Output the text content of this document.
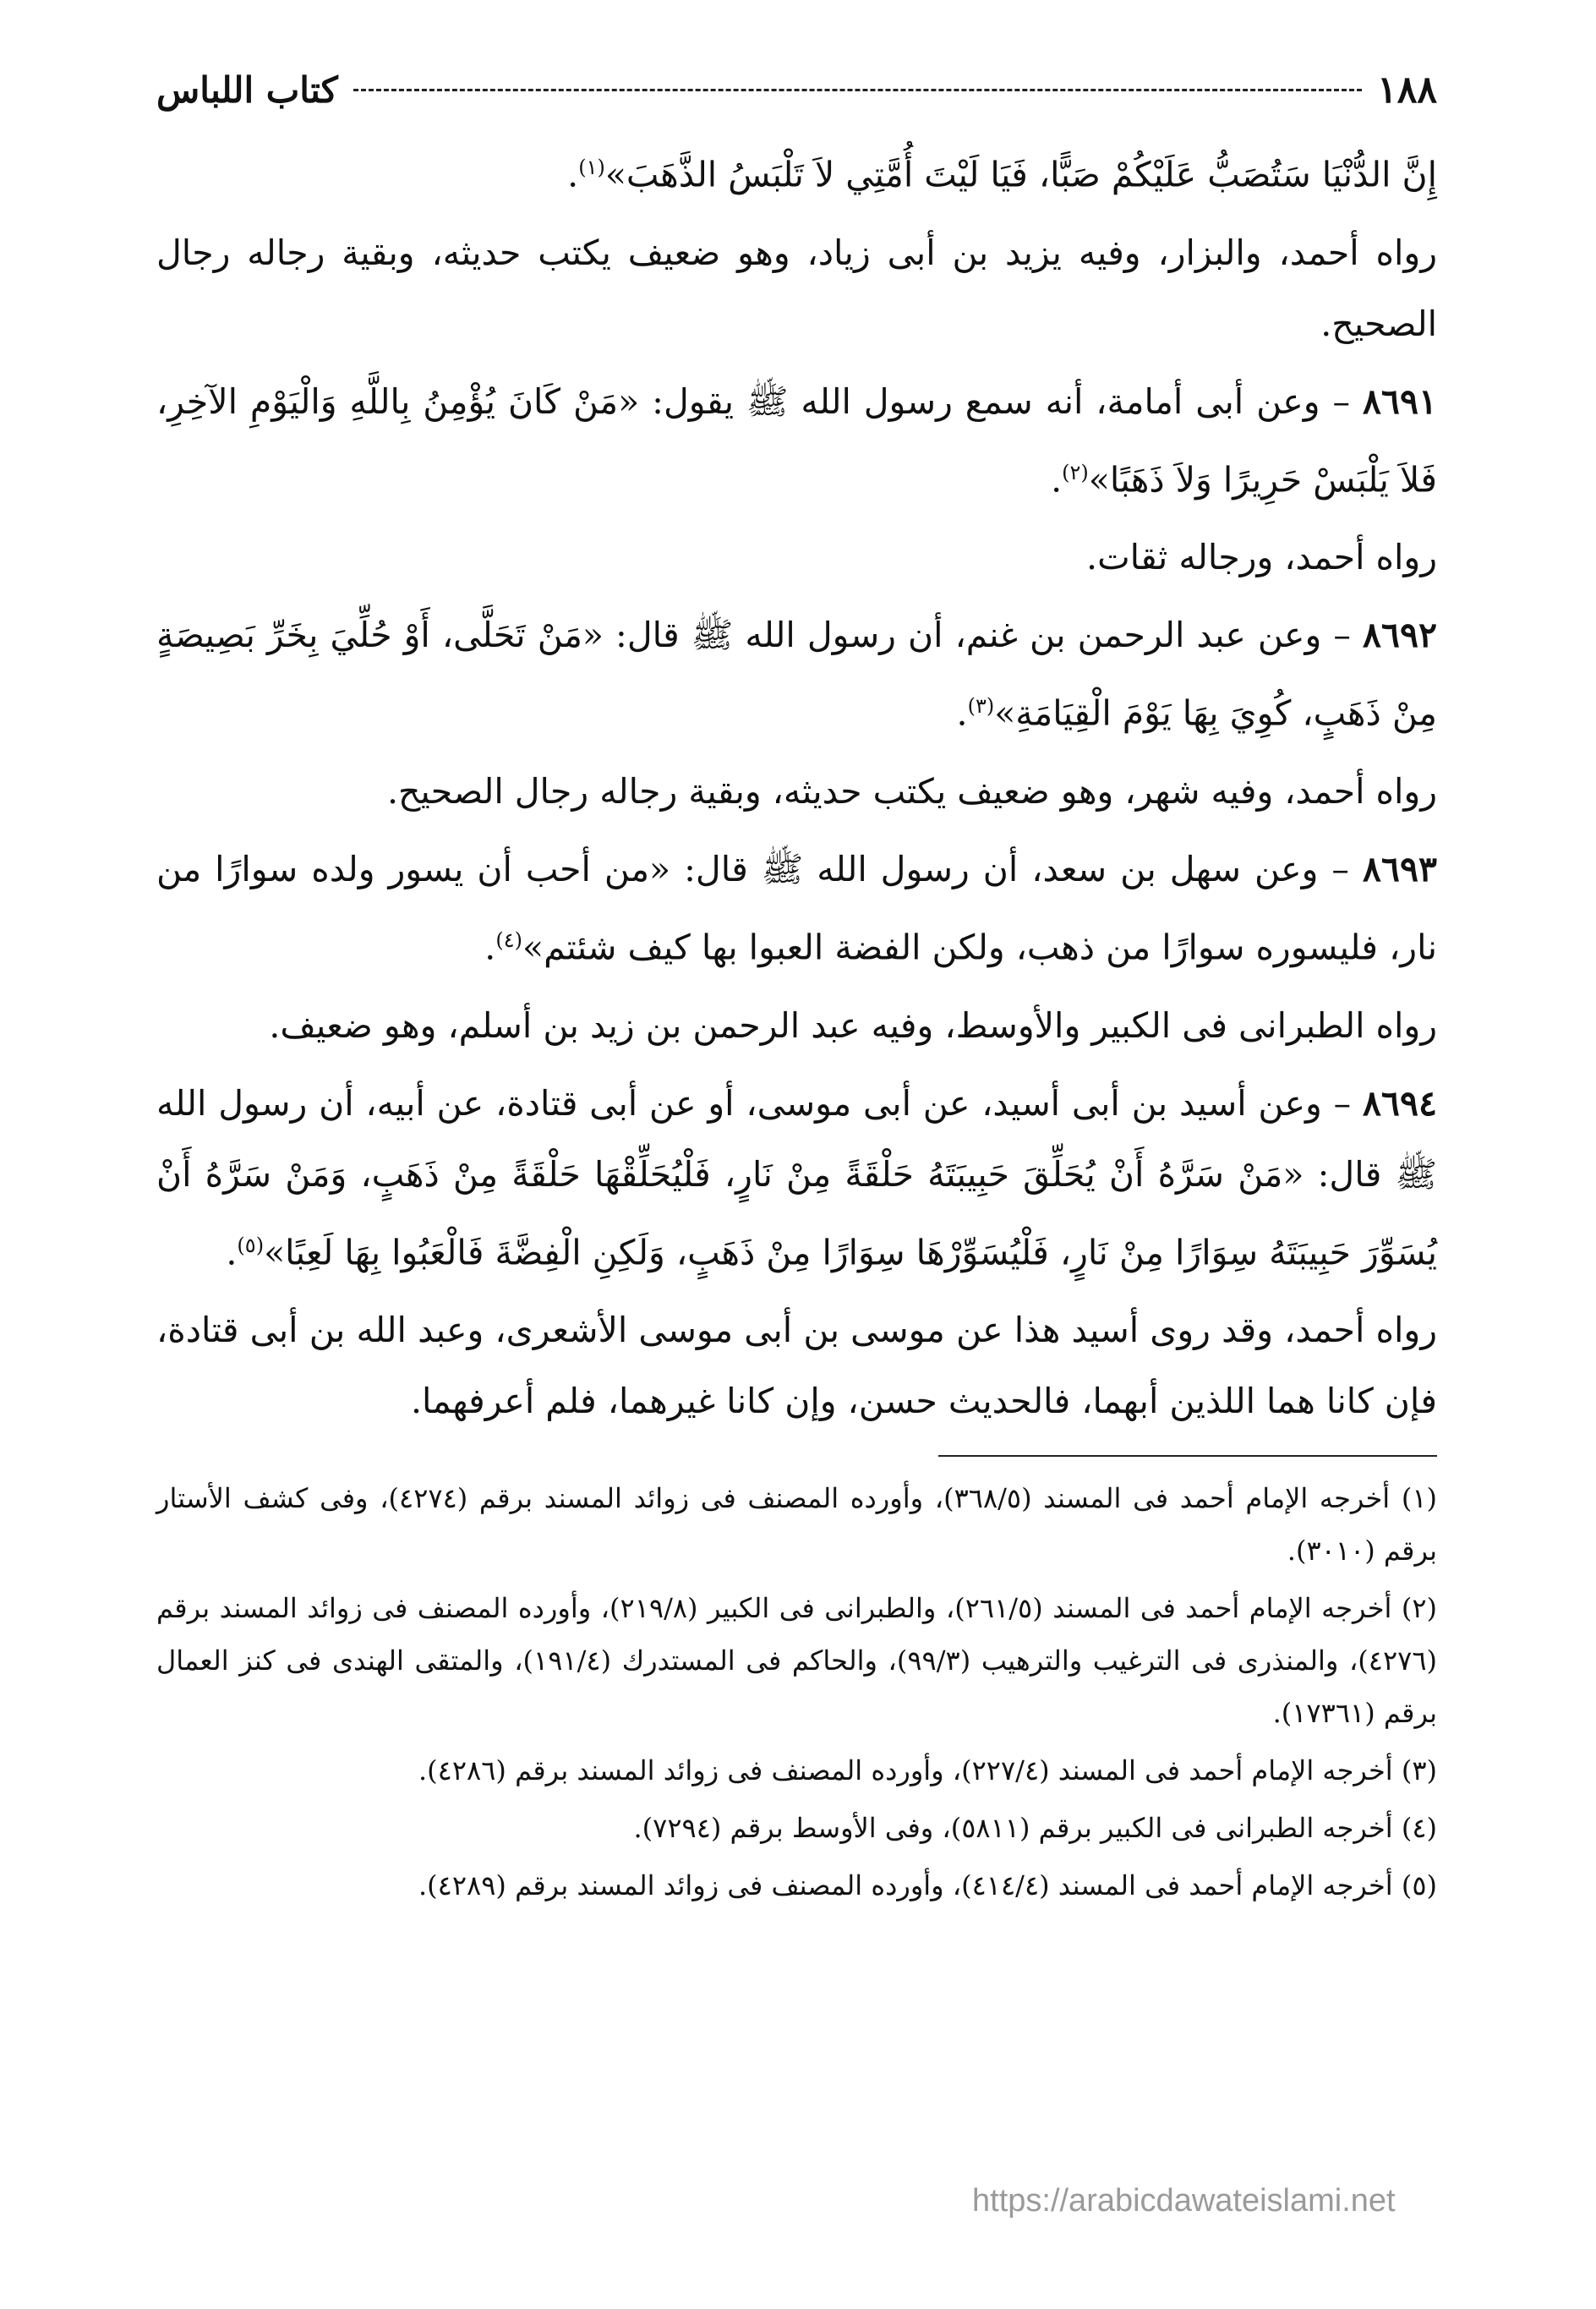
١٨٨
كتاب اللباس

إِنَّ الدُّنْيَا سَتُصَبُّ عَلَيْكُمْ صَبًّا، فَيَا لَيْتَ أُمَّتِي لاَ تَلْبَسُ الذَّهَبَ»$^{(١)}$.

رواه أحمد، والبزار، وفيه يزيد بن أبى زياد، وهو ضعيف يكتب حديثه، وبقية رجاله رجال الصحيح.

٨٦٩١ – وعن أبى أمامة، أنه سمع رسول الله ﷺ يقول: «مَنْ كَانَ يُؤْمِنُ بِاللَّهِ وَالْيَوْمِ الآخِرِ، فَلاَ يَلْبَسْ حَرِيرًا وَلاَ ذَهَبًا»$^{(٢)}$.

رواه أحمد، ورجاله ثقات.

٨٦٩٢ – وعن عبد الرحمن بن غنم، أن رسول الله ﷺ قال: «مَنْ تَحَلَّى، أَوْ حُلِّيَ بِخَرِّ بَصِيصَةٍ مِنْ ذَهَبٍ، كُوِيَ بِهَا يَوْمَ الْقِيَامَةِ»$^{(٣)}$.

رواه أحمد، وفيه شهر، وهو ضعيف يكتب حديثه، وبقية رجاله رجال الصحيح.

٨٦٩٣ – وعن سهل بن سعد، أن رسول الله ﷺ قال: «من أحب أن يسور ولده سوارًا من نار، فليسوره سوارًا من ذهب، ولكن الفضة العبوا بها كيف شئتم»$^{(٤)}$.

رواه الطبرانى فى الكبير والأوسط، وفيه عبد الرحمن بن زيد بن أسلم، وهو ضعيف.

٨٦٩٤ – وعن أسيد بن أبى أسيد، عن أبى موسى، أو عن أبى قتادة، عن أبيه، أن رسول الله ﷺ قال: «مَنْ سَرَّهُ أَنْ يُحَلِّقَ حَبِيبَتَهُ حَلْقَةً مِنْ نَارٍ، فَلْيُحَلِّقْهَا حَلْقَةً مِنْ ذَهَبٍ، وَمَنْ سَرَّهُ أَنْ يُسَوِّرَ حَبِيبَتَهُ سِوَارًا مِنْ نَارٍ، فَلْيُسَوِّرْهَا سِوَارًا مِنْ ذَهَبٍ، وَلَكِنِ الْفِضَّةَ فَالْعَبُوا بِهَا لَعِبًا»$^{(٥)}$.

رواه أحمد، وقد روى أسيد هذا عن موسى بن أبى موسى الأشعرى، وعبد الله بن أبى قتادة، فإن كانا هما اللذين أبهما، فالحديث حسن، وإن كانا غيرهما، فلم أعرفهما.

(١) أخرجه الإمام أحمد فى المسند (٣٦٨/٥)، وأورده المصنف فى زوائد المسند برقم (٤٢٧٤)، وفى كشف الأستار برقم (٣٠١٠).

(٢) أخرجه الإمام أحمد فى المسند (٢٦١/٥)، والطبرانى فى الكبير (٢١٩/٨)، وأورده المصنف فى زوائد المسند برقم (٤٢٧٦)، والمنذرى فى الترغيب والترهيب (٩٩/٣)، والحاكم فى المستدرك (١٩١/٤)، والمتقى الهندى فى كنز العمال برقم (١٧٣٦١).

(٣) أخرجه الإمام أحمد فى المسند (٢٢٧/٤)، وأورده المصنف فى زوائد المسند برقم (٤٢٨٦).

(٤) أخرجه الطبرانى فى الكبير برقم (٥٨١١)، وفى الأوسط برقم (٧٢٩٤).

(٥) أخرجه الإمام أحمد فى المسند (٤١٤/٤)، وأورده المصنف فى زوائد المسند برقم (٤٢٨٩).

https://arabicdawateislami.net
